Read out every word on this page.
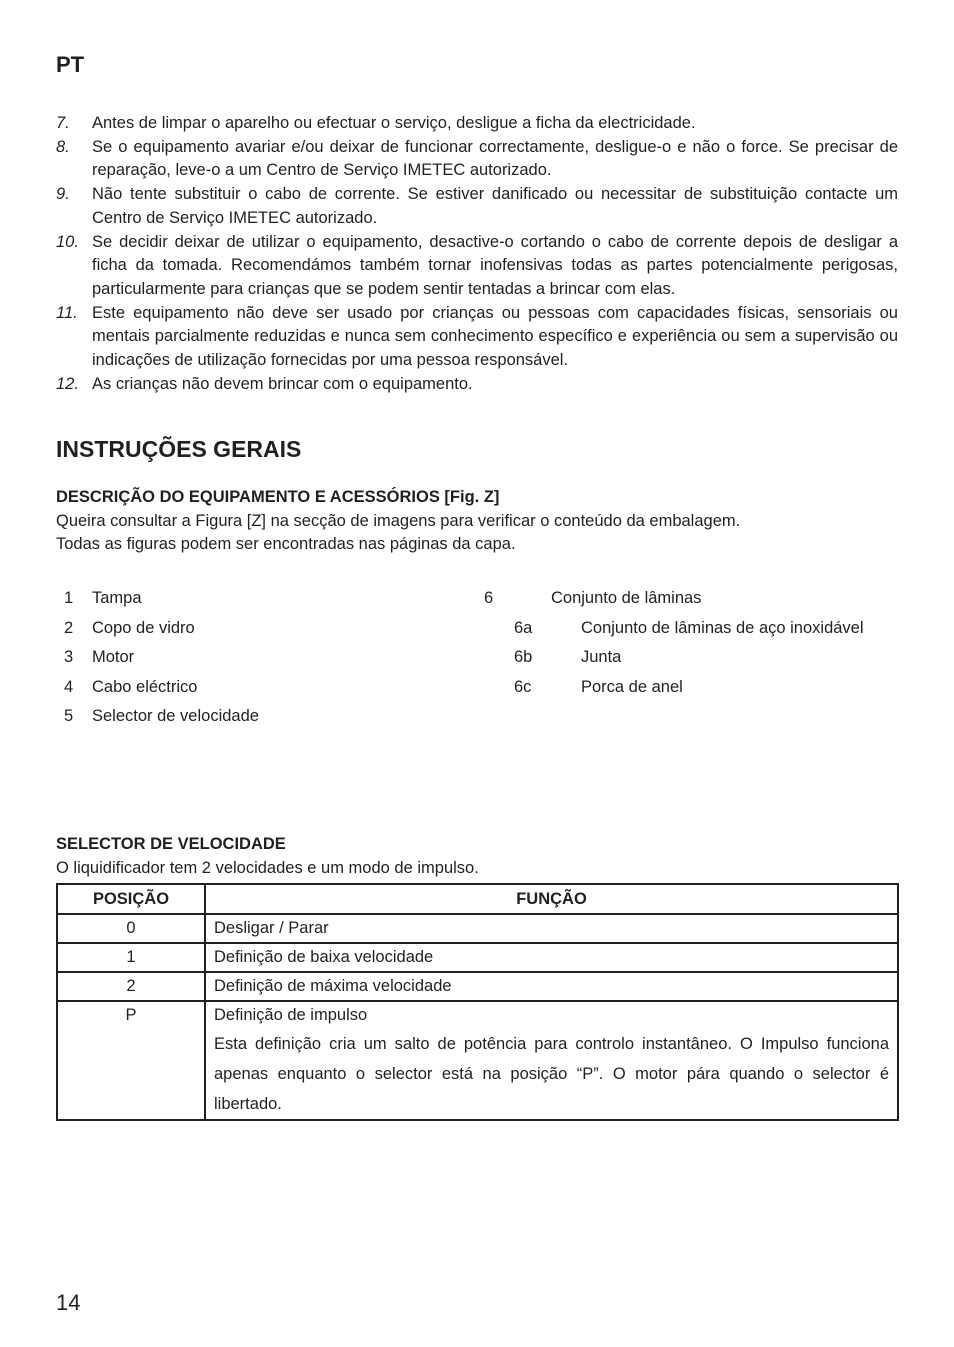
PT
7. Antes de limpar o aparelho ou efectuar o serviço, desligue a ficha da electricidade.
8. Se o equipamento avariar e/ou deixar de funcionar correctamente, desligue-o e não o force. Se precisar de reparação, leve-o a um Centro de Serviço IMETEC autorizado.
9. Não tente substituir o cabo de corrente. Se estiver danificado ou necessitar de substituição contacte um Centro de Serviço IMETEC autorizado.
10. Se decidir deixar de utilizar o equipamento, desactive-o cortando o cabo de corrente depois de desligar a ficha da tomada. Recomendámos também tornar inofensivas todas as partes potencialmente perigosas, particularmente para crianças que se podem sentir tentadas a brincar com elas.
11. Este equipamento não deve ser usado por crianças ou pessoas com capacidades físicas, sensoriais ou mentais parcialmente reduzidas e nunca sem conhecimento específico e experiência ou sem a supervisão ou indicações de utilização fornecidas por uma pessoa responsável.
12. As crianças não devem brincar com o equipamento.
INSTRUÇÕES GERAIS
DESCRIÇÃO DO EQUIPAMENTO E ACESSÓRIOS [Fig. Z]
Queira consultar a Figura [Z] na secção de imagens para verificar o conteúdo da embalagem.
Todas as figuras podem ser encontradas nas páginas da capa.
1 Tampa
2 Copo de vidro
3 Motor
4 Cabo eléctrico
5 Selector de velocidade
6	Conjunto de lâminas
6a	Conjunto de lâminas de aço inoxidável
6b	Junta
6c	Porca de anel
SELECTOR DE VELOCIDADE
O liquidificador tem 2 velocidades e um modo de impulso.
POSIÇÃO	FUNÇÃO
0	Desligar / Parar
1	Definição de baixa velocidade
2	Definição de máxima velocidade
P	Definição de impulso
Esta definição cria um salto de potência para controlo instantâneo. O Impulso funciona apenas enquanto o selector está na posição “P”. O motor pára quando o selector é libertado.
14
